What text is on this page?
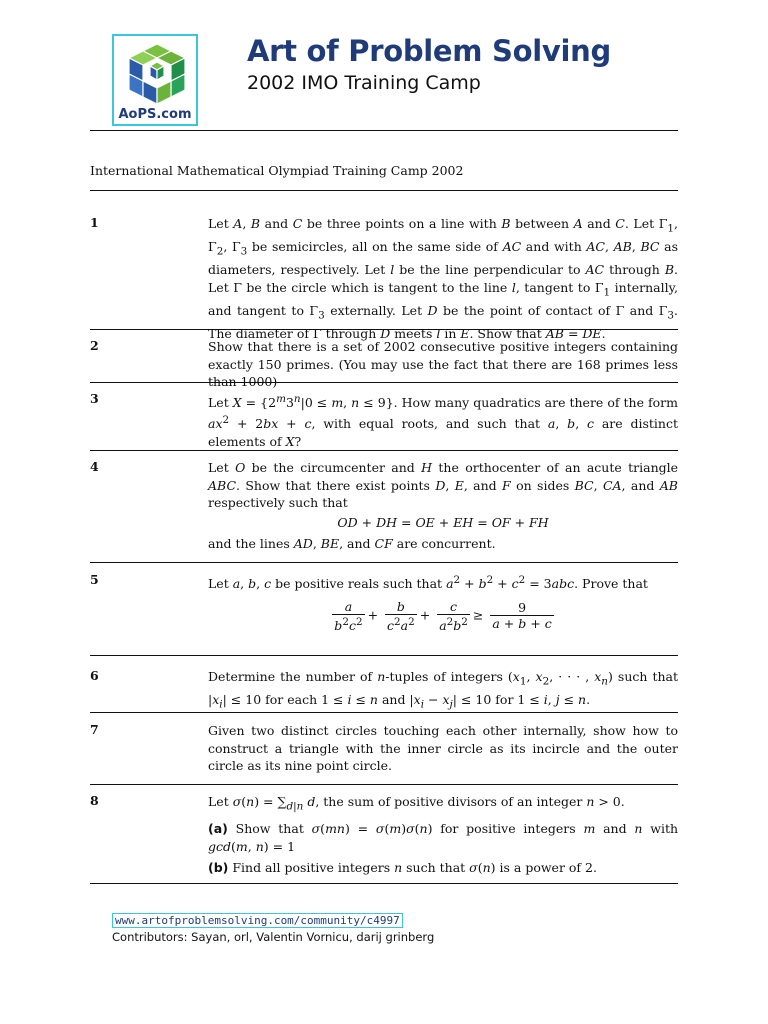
AoPS.com
Art of Problem Solving
2002 IMO Training Camp
International Mathematical Olympiad Training Camp 2002
1	Let A, B and C be three points on a line with B between A and C. Let $\Gamma_1$, $\Gamma_2$, $\Gamma_3$ be semicircles, all on the same side of AC and with AC, AB, BC as diameters, respectively. Let l be the line perpendicular to AC through B. Let Γ be the circle which is tangent to the line l, tangent to $\Gamma_1$ internally, and tangent to $\Gamma_3$ externally. Let D be the point of contact of Γ and $\Gamma_3$. The diameter of Γ through D meets l in E. Show that AB = DE.
2	Show that there is a set of 2002 consecutive positive integers containing exactly 150 primes. (You may use the fact that there are 168 primes less than 1000)
3	Let $X = \{2^m3^n|0 \le m$, n ≤ 9}. How many quadratics are there of the form $ax^2 + 2bx + c$, with equal roots, and such that a, b, c are distinct elements of X?
4	Let O be the circumcenter and H the orthocenter of an acute triangle ABC. Show that there exist points D, E, and F on sides BC, CA, and AB respectively such that
OD + DH = OE + EH = OF + FH
and the lines AD, BE, and CF are concurrent.
5	Let a, b, c be positive reals such that $a^2 + b^2 + c^2 = 3abc$. Prove that
$\frac{a}{b^2c^2} + \frac{b}{c^2a^2} + \frac{c}{a^2b^2} \ge \frac{9}{a + b + c}$
6	Determine the number of n-tuples of integers ($x_1$, $x_2$, · · · , $x_n$) such that $|x_i| \le 10$ for each 1 ≤ i ≤ n and $|x_i - x_j| \le 10$ for 1 ≤ i, j ≤ n.
7	Given two distinct circles touching each other internally, show how to construct a triangle with the inner circle as its incircle and the outer circle as its nine point circle.
8	Let $\sigma(n) = \sum_{d|n}$ d, the sum of positive divisors of an integer n > 0.
(a) Show that σ(mn) = σ(m)σ(n) for positive integers m and n with gcd(m, n) = 1
(b) Find all positive integers n such that σ(n) is a power of 2.
www.artofproblemsolving.com/community/c4997
Contributors: Sayan, orl, Valentin Vornicu, darij grinberg
